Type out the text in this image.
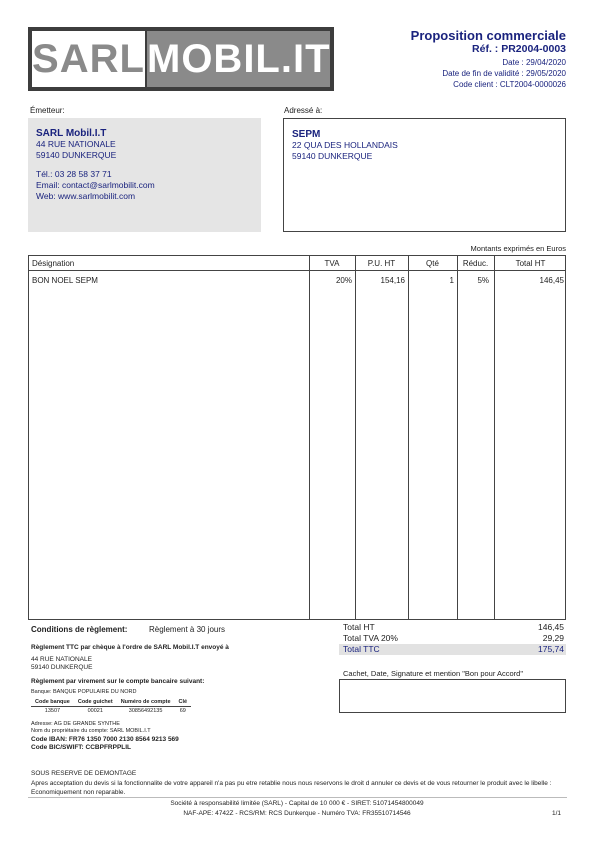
SARL MOBIL.IT
Proposition commerciale
Réf. : PR2004-0003
Date : 29/04/2020
Date de fin de validité : 29/05/2020
Code client : CLT2004-0000026
Émetteur:	Adressé à:
SARL Mobil.I.T
44 RUE NATIONALE
59140 DUNKERQUE
Tél.: 03 28 58 37 71
Email: contact@sarlmobilit.com
Web: www.sarlmobilit.com
SEPM
22 QUA DES HOLLANDAIS
59140 DUNKERQUE
Montants exprimés en Euros
Désignation	TVA	P.U. HT	Qté	Réduc.	Total HT
BON NOEL SEPM	20%	154,16	1	5%	146,45
Conditions de règlement:	Règlement à 30 jours
Règlement TTC par chèque à l'ordre de SARL Mobil.I.T envoyé à
44 RUE NATIONALE
59140 DUNKERQUE
Règlement par virement sur le compte bancaire suivant:
Banque: BANQUE POPULAIRE DU NORD
Code banque	Code guichet	Numéro de compte	Clé
13507	00021	30856492135	69
Adresse: AG DE GRANDE SYNTHE
Nom du propriétaire du compte: SARL MOBIL.I.T
Code IBAN: FR76 1350 7000 2130 8564 9213 569
Code BIC/SWIFT: CCBPFRPPLIL
Total HT	146,45
Total TVA 20%	29,29
Total TTC	175,74
Cachet, Date, Signature et mention "Bon pour Accord"
SOUS RESERVE DE DEMONTAGE
Apres acceptation du devis si la fonctionnalite de votre appareil n'a pas pu etre retablie nous nous reservons le droit d annuler ce devis et de vous retourner le produit avec le libelle : Economiquement non reparable.
Société à responsabilité limitée (SARL) - Capital de 10 000 € - SIRET: 51071454800049
NAF-APE: 4742Z - RCS/RM: RCS Dunkerque - Numéro TVA: FR35510714546	1/1
